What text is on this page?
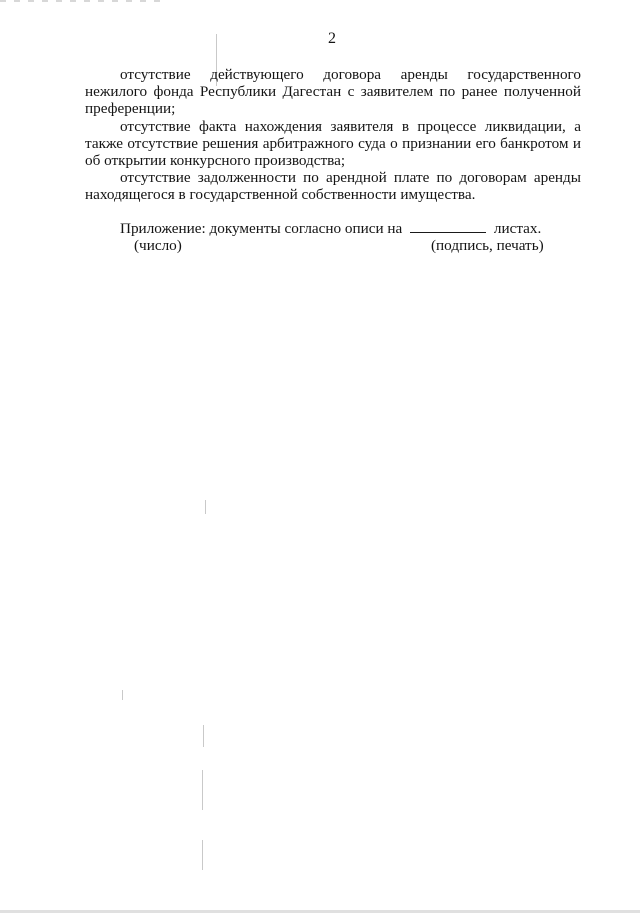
2

отсутствие действующего договора аренды государственного нежилого фонда Республики Дагестан с заявителем по ранее полученной преференции;

отсутствие факта нахождения заявителя в процессе ликвидации, а также отсутствие решения арбитражного суда о признании его банкротом и об открытии конкурсного производства;

отсутствие задолженности по арендной плате по договорам аренды находящегося в государственной собственности имущества.

Приложение: документы согласно описи на	листах.
(число)	(подпись, печать)
